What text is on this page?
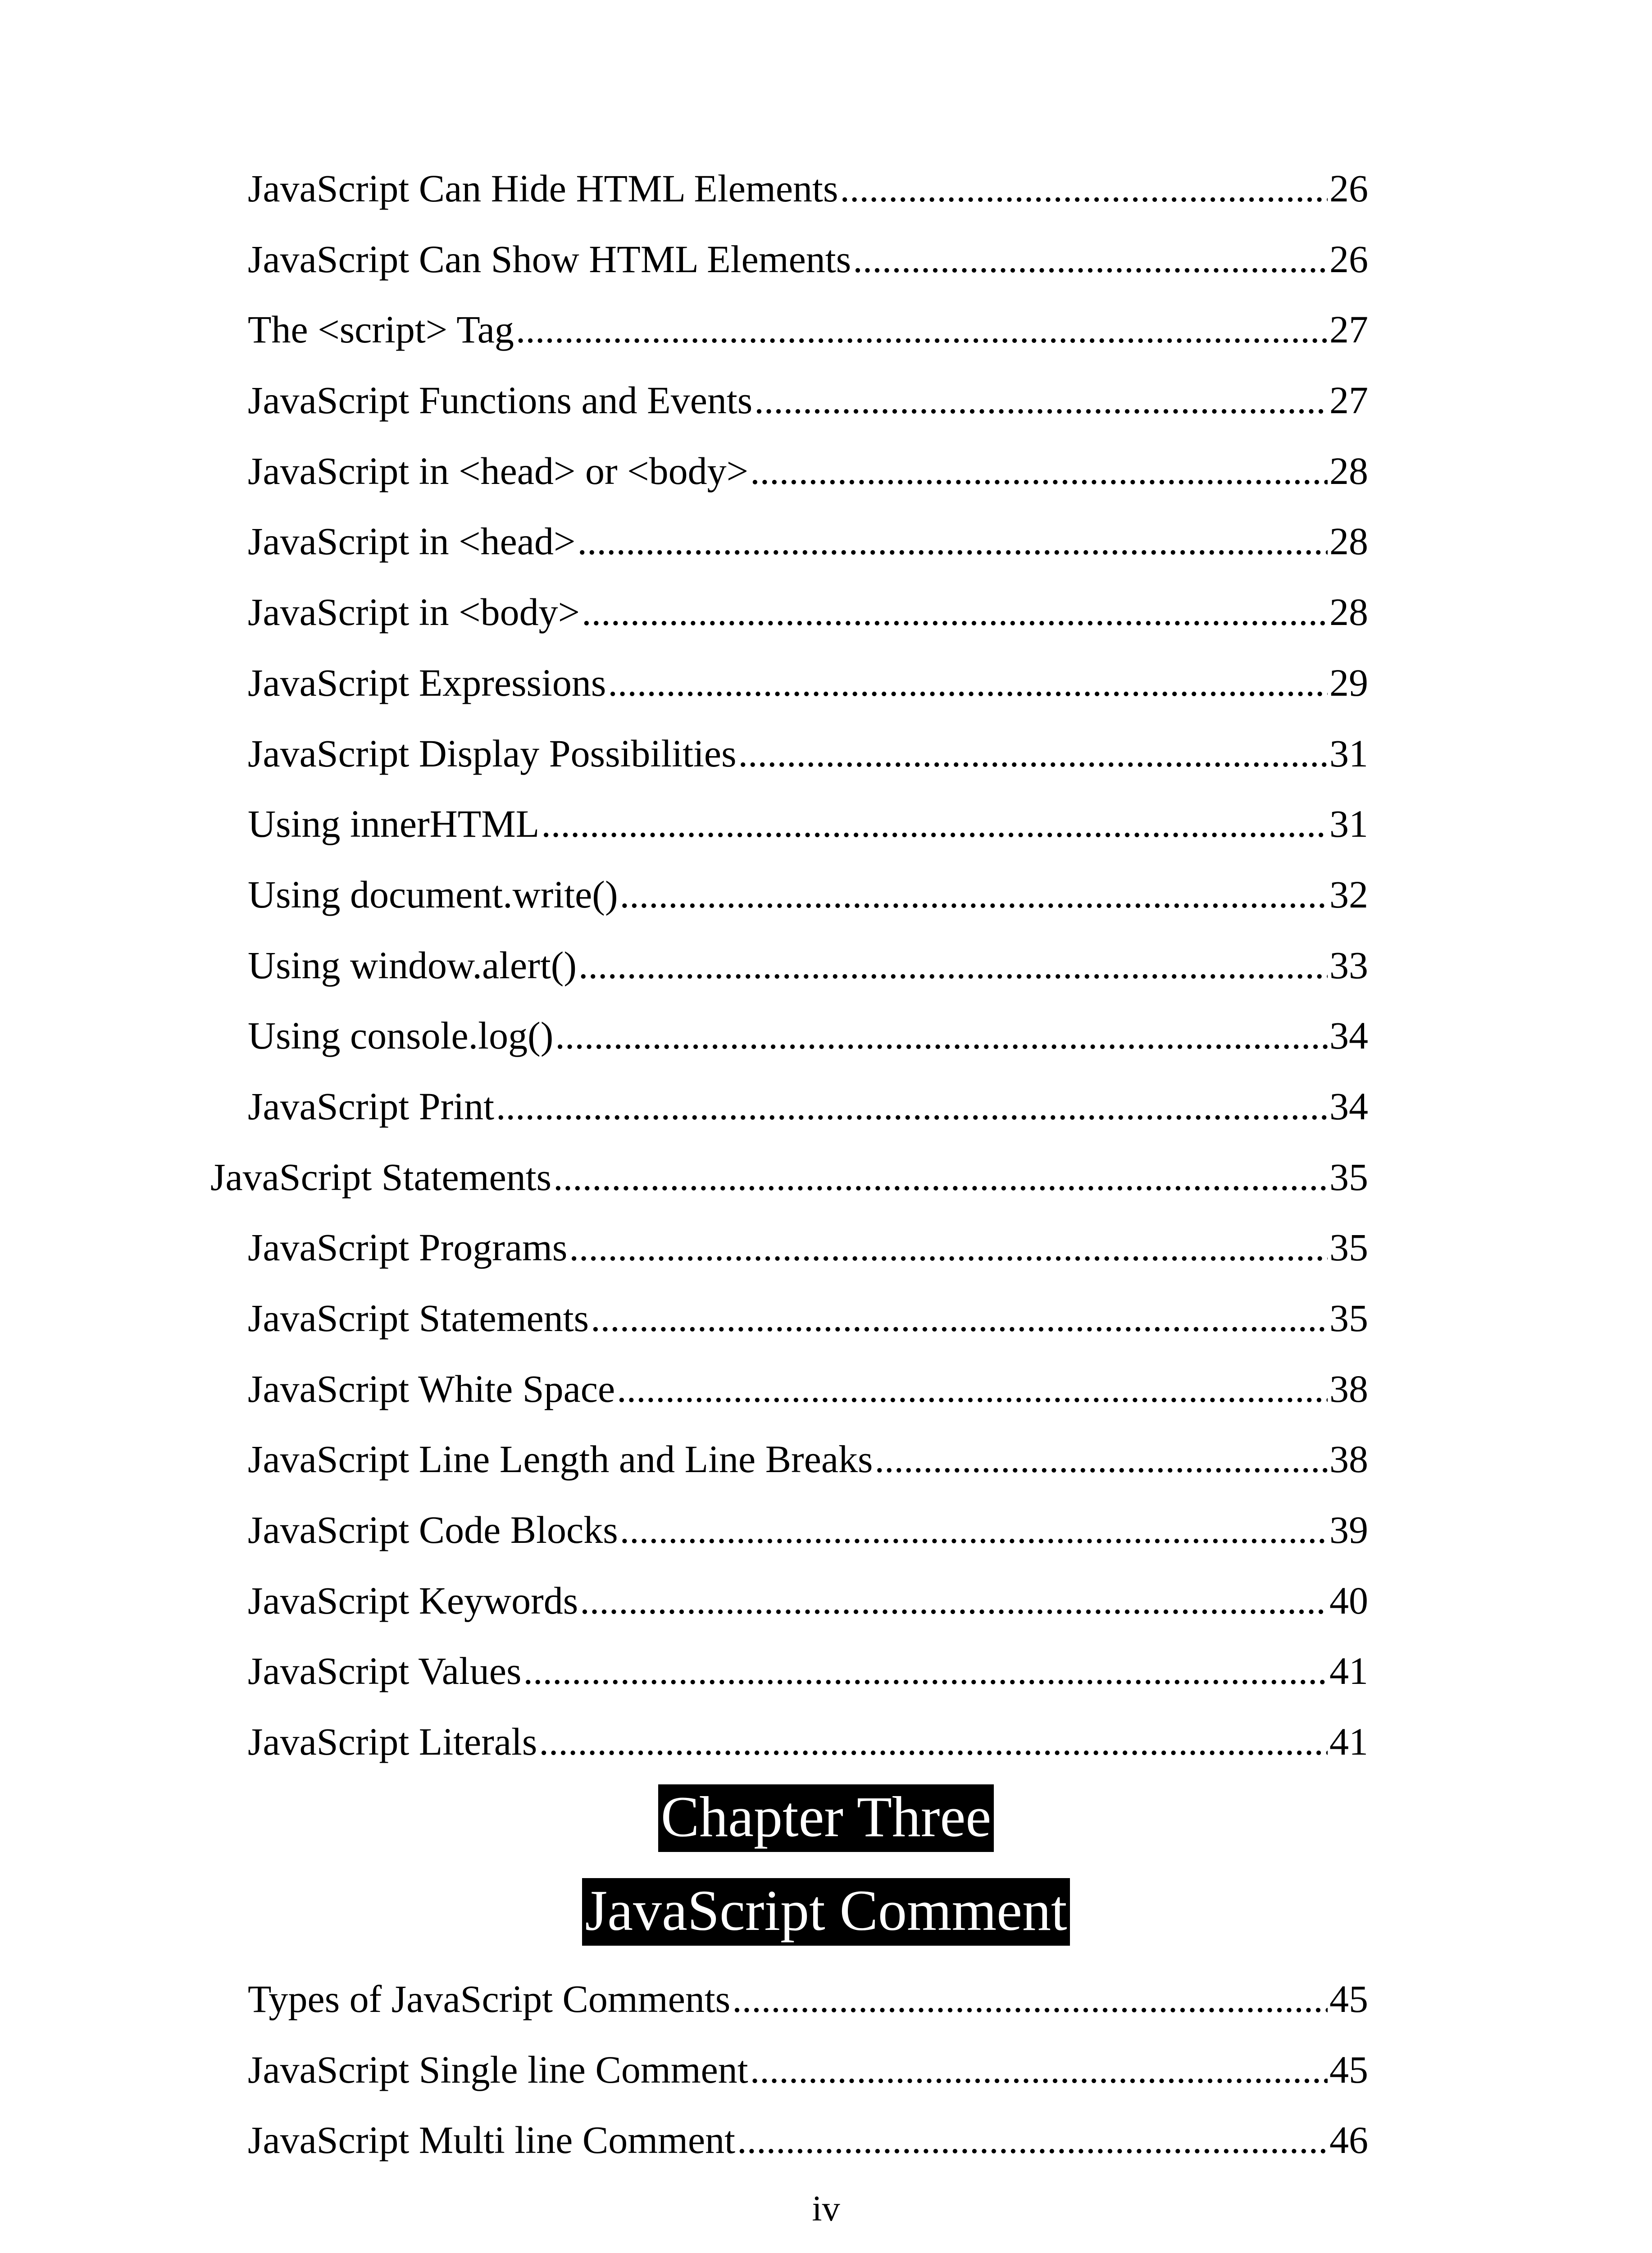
JavaScript Can Hide HTML Elements .....	26
JavaScript Can Show HTML Elements .....	26
The <script> Tag .....	27
JavaScript Functions and Events .....	27
JavaScript in <head> or <body> .....	28
JavaScript in <head> .....	28
JavaScript in <body> .....	28
JavaScript Expressions .....	29
JavaScript Display Possibilities .....	31
Using innerHTML .....	31
Using document.write() .....	32
Using window.alert() .....	33
Using console.log() .....	34
JavaScript Print .....	34
JavaScript Statements .....	35
JavaScript Programs .....	35
JavaScript Statements .....	35
JavaScript White Space .....	38
JavaScript Line Length and Line Breaks .....	38
JavaScript Code Blocks .....	39
JavaScript Keywords .....	40
JavaScript Values .....	41
JavaScript Literals .....	41
Chapter Three
JavaScript Comment
Types of JavaScript Comments .....	45
JavaScript Single line Comment .....	45
JavaScript Multi line Comment .....	46
iv
